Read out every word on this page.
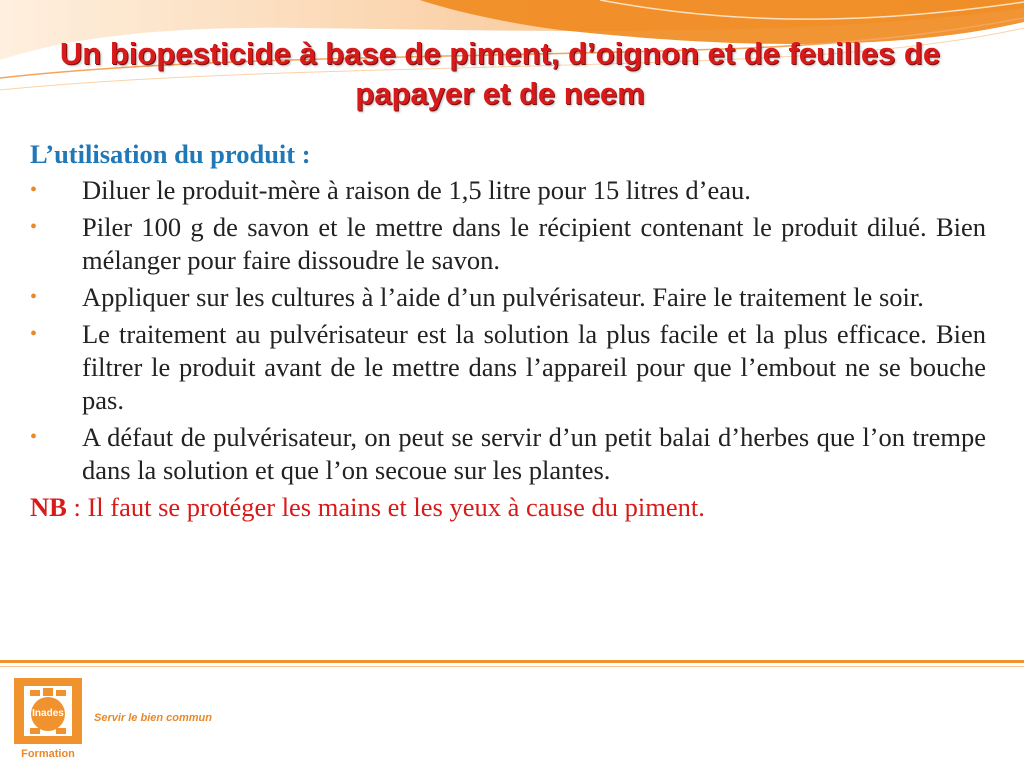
Un biopesticide à base de piment, d’oignon et de feuilles de papayer et de neem
L’utilisation du produit :
• Diluer le produit-mère à raison de 1,5 litre pour 15 litres d’eau.
• Piler 100 g de savon et le mettre dans le récipient contenant le produit dilué. Bien mélanger pour faire dissoudre le savon.
• Appliquer sur les cultures à l’aide d’un pulvérisateur. Faire le traitement le soir.
• Le traitement au pulvérisateur est la solution la plus facile et la plus efficace. Bien filtrer le produit avant de le mettre dans l’appareil pour que l’embout ne se bouche pas.
• A défaut de pulvérisateur, on peut se servir d’un petit balai d’herbes que l’on trempe dans la solution et que l’on secoue sur les plantes.
NB : Il faut se protéger les mains et les yeux à cause du piment.
Inades
Formation
Servir le bien commun
